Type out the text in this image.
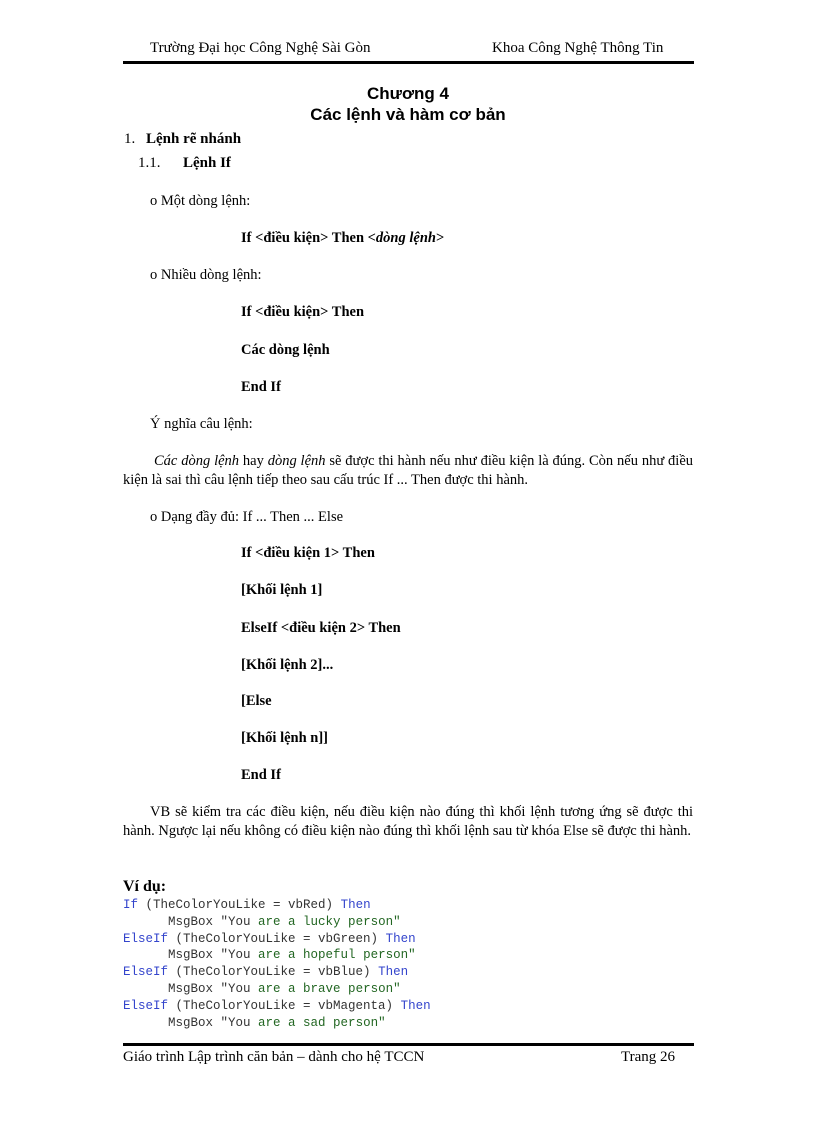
Trường Đại học Công Nghệ Sài Gòn	Khoa Công Nghệ Thông Tin
Chương 4
Các lệnh và hàm cơ bản
1. Lệnh rẽ nhánh
1.1. Lệnh If
o Một dòng lệnh:
If <điều kiện> Then <dòng lệnh>
o Nhiều dòng lệnh:
If <điều kiện> Then
Các dòng lệnh
End If
Ý nghĩa câu lệnh:
Các dòng lệnh hay dòng lệnh sẽ được thi hành nếu như điều kiện là đúng. Còn nếu như điều kiện là sai thì câu lệnh tiếp theo sau cấu trúc If ... Then được thi hành.
o Dạng đầy đủ: If ... Then ... Else
If <điều kiện 1> Then
[Khối lệnh 1]
ElseIf <điều kiện 2> Then
[Khối lệnh 2]...
[Else
[Khối lệnh n]]
End If
VB sẽ kiểm tra các điều kiện, nếu điều kiện nào đúng thì khối lệnh tương ứng sẽ được thi hành. Ngược lại nếu không có điều kiện nào đúng thì khối lệnh sau từ khóa Else sẽ được thi hành.
Ví dụ:
If (TheColorYouLike = vbRed) Then
MsgBox "You are a lucky person"
ElseIf (TheColorYouLike = vbGreen) Then
MsgBox "You are a hopeful person"
ElseIf (TheColorYouLike = vbBlue) Then
MsgBox "You are a brave person"
ElseIf (TheColorYouLike = vbMagenta) Then
MsgBox "You are a sad person"
Giáo trình Lập trình căn bản – dành cho hệ TCCN	Trang 26
